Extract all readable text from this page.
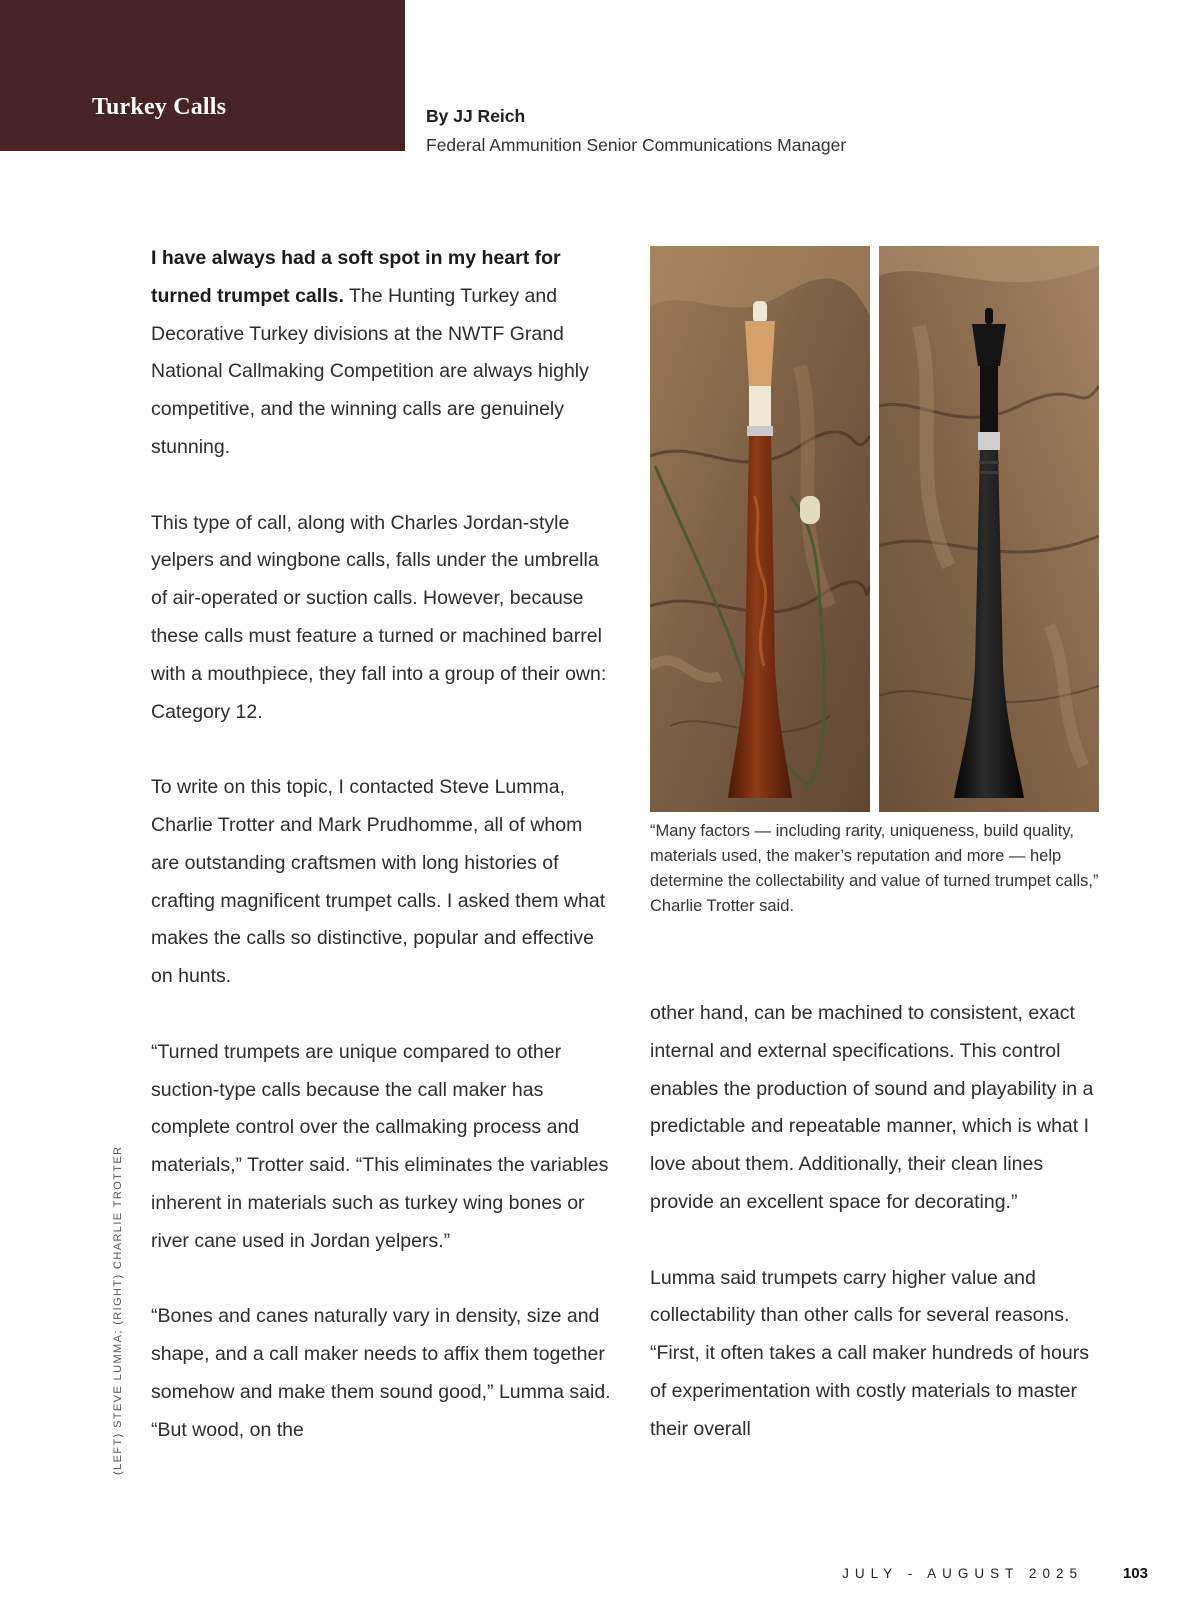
Turkey Calls	By JJ Reich
Federal Ammunition Senior Communications Manager

I have always had a soft spot in my heart for turned trumpet calls. The Hunting Turkey and Decorative Turkey divisions at the NWTF Grand National Callmaking Competition are always highly competitive, and the winning calls are genuinely stunning.

This type of call, along with Charles Jordan-style yelpers and wingbone calls, falls under the umbrella of air-operated or suction calls. However, because these calls must feature a turned or machined barrel with a mouthpiece, they fall into a group of their own: Category 12.

To write on this topic, I contacted Steve Lumma, Charlie Trotter and Mark Prudhomme, all of whom are outstanding craftsmen with long histories of crafting magnificent trumpet calls. I asked them what makes the calls so distinctive, popular and effective on hunts.

“Turned trumpets are unique compared to other suction-type calls because the call maker has complete control over the callmaking process and materials,” Trotter said. “This eliminates the variables inherent in materials such as turkey wing bones or river cane used in Jordan yelpers.”

“Bones and canes naturally vary in density, size and shape, and a call maker needs to affix them together somehow and make them sound good,” Lumma said. “But wood, on the

“Many factors — including rarity, uniqueness, build quality, materials used, the maker’s reputation and more — help determine the collectability and value of turned trumpet calls,” Charlie Trotter said.

other hand, can be machined to consistent, exact internal and external specifications. This control enables the production of sound and playability in a predictable and repeatable manner, which is what I love about them. Additionally, their clean lines provide an excellent space for decorating.”

Lumma said trumpets carry higher value and collectability than other calls for several reasons. “First, it often takes a call maker hundreds of hours of experimentation with costly materials to master their overall

(LEFT) STEVE LUMMA; (RIGHT) CHARLIE TROTTER
JULY - AUGUST 2025	103
